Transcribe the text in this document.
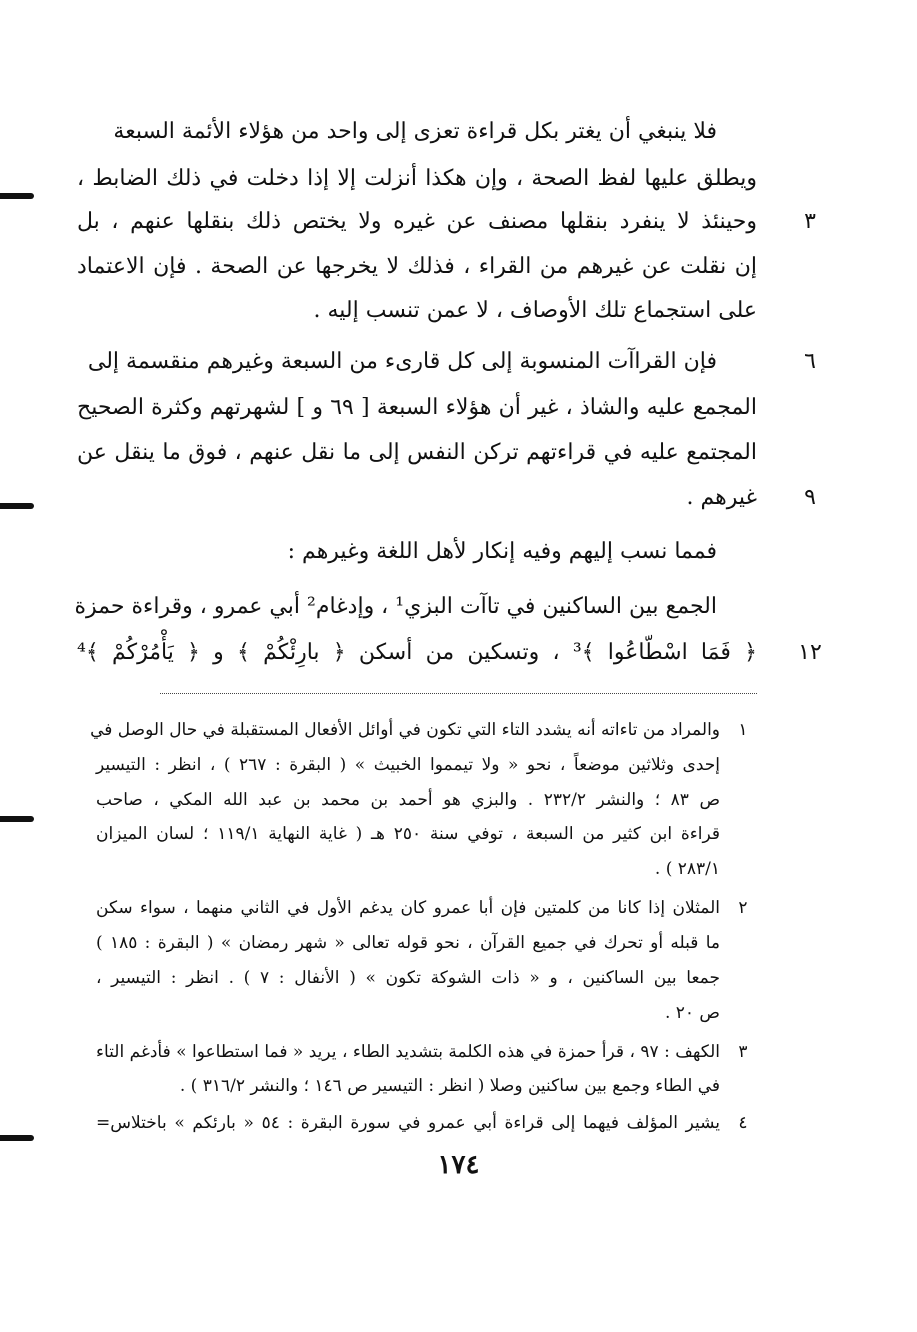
فلا ينبغي أن يغتر بكل قراءة تعزى إلى واحد من هؤلاء الأئمة السبعة
ويطلق عليها لفظ الصحة ، وإن هكذا أنزلت إلا إذا دخلت في ذلك الضابط ،
وحينئذ لا ينفرد بنقلها مصنف عن غيره ولا يختص ذلك بنقلها عنهم ، بل
إن نقلت عن غيرهم من القراء ، فذلك لا يخرجها عن الصحة . فإن الاعتماد
على استجماع تلك الأوصاف ، لا عمن تنسب إليه .
فإن القراآت المنسوبة إلى كل قارىء من السبعة وغيرهم منقسمة إلى
المجمع عليه والشاذ ، غير أن هؤلاء السبعة [ ٦٩ و ] لشهرتهم وكثرة الصحيح
المجتمع عليه في قراءتهم تركن النفس إلى ما نقل عنهم ، فوق ما ينقل عن
غيرهم .
فمما نسب إليهم وفيه إنكار لأهل اللغة وغيرهم :
الجمع بين الساكنين في تاآت البزي¹ ، وإدغام² أبي عمرو ، وقراءة حمزة
﴿ فَمَا اسْطّاعُوا ﴾³ ، وتسكين من أسكن ﴿ بارِئْكُمْ ﴾ و ﴿ يَأْمُرْكُمْ ﴾⁴
٣
٦
٩
١٢
١
والمراد من تاءاته أنه يشدد التاء التي تكون في أوائل الأفعال المستقبلة في حال الوصل في
إحدى وثلاثين موضعاً ، نحو « ولا تيمموا الخبيث » ( البقرة : ٢٦٧ ) ، انظر : التيسير
ص ٨٣ ؛ والنشر ٢٣٢/٢ . والبزي هو أحمد بن محمد بن عبد الله المكي ، صاحب
قراءة ابن كثير من السبعة ، توفي سنة ٢٥٠ هـ ( غاية النهاية ١١٩/١ ؛ لسان الميزان
٢٨٣/١ ) .
٢
المثلان إذا كانا من كلمتين فإن أبا عمرو كان يدغم الأول في الثاني منهما ، سواء سكن
ما قبله أو تحرك في جميع القرآن ، نحو قوله تعالى « شهر رمضان » ( البقرة : ١٨٥ )
جمعا بين الساكنين ، و « ذات الشوكة تكون » ( الأنفال : ٧ ) . انظر : التيسير ،
ص ٢٠ .
٣
الكهف : ٩٧ ، قرأ حمزة في هذه الكلمة بتشديد الطاء ، يريد « فما استطاعوا » فأدغم التاء
في الطاء وجمع بين ساكنين وصلا ( انظر : التيسير ص ١٤٦ ؛ والنشر ٣١٦/٢ ) .
٤
يشير المؤلف فيهما إلى قراءة أبي عمرو في سورة البقرة : ٥٤ « بارئكم » باختلاس=
١٧٤
